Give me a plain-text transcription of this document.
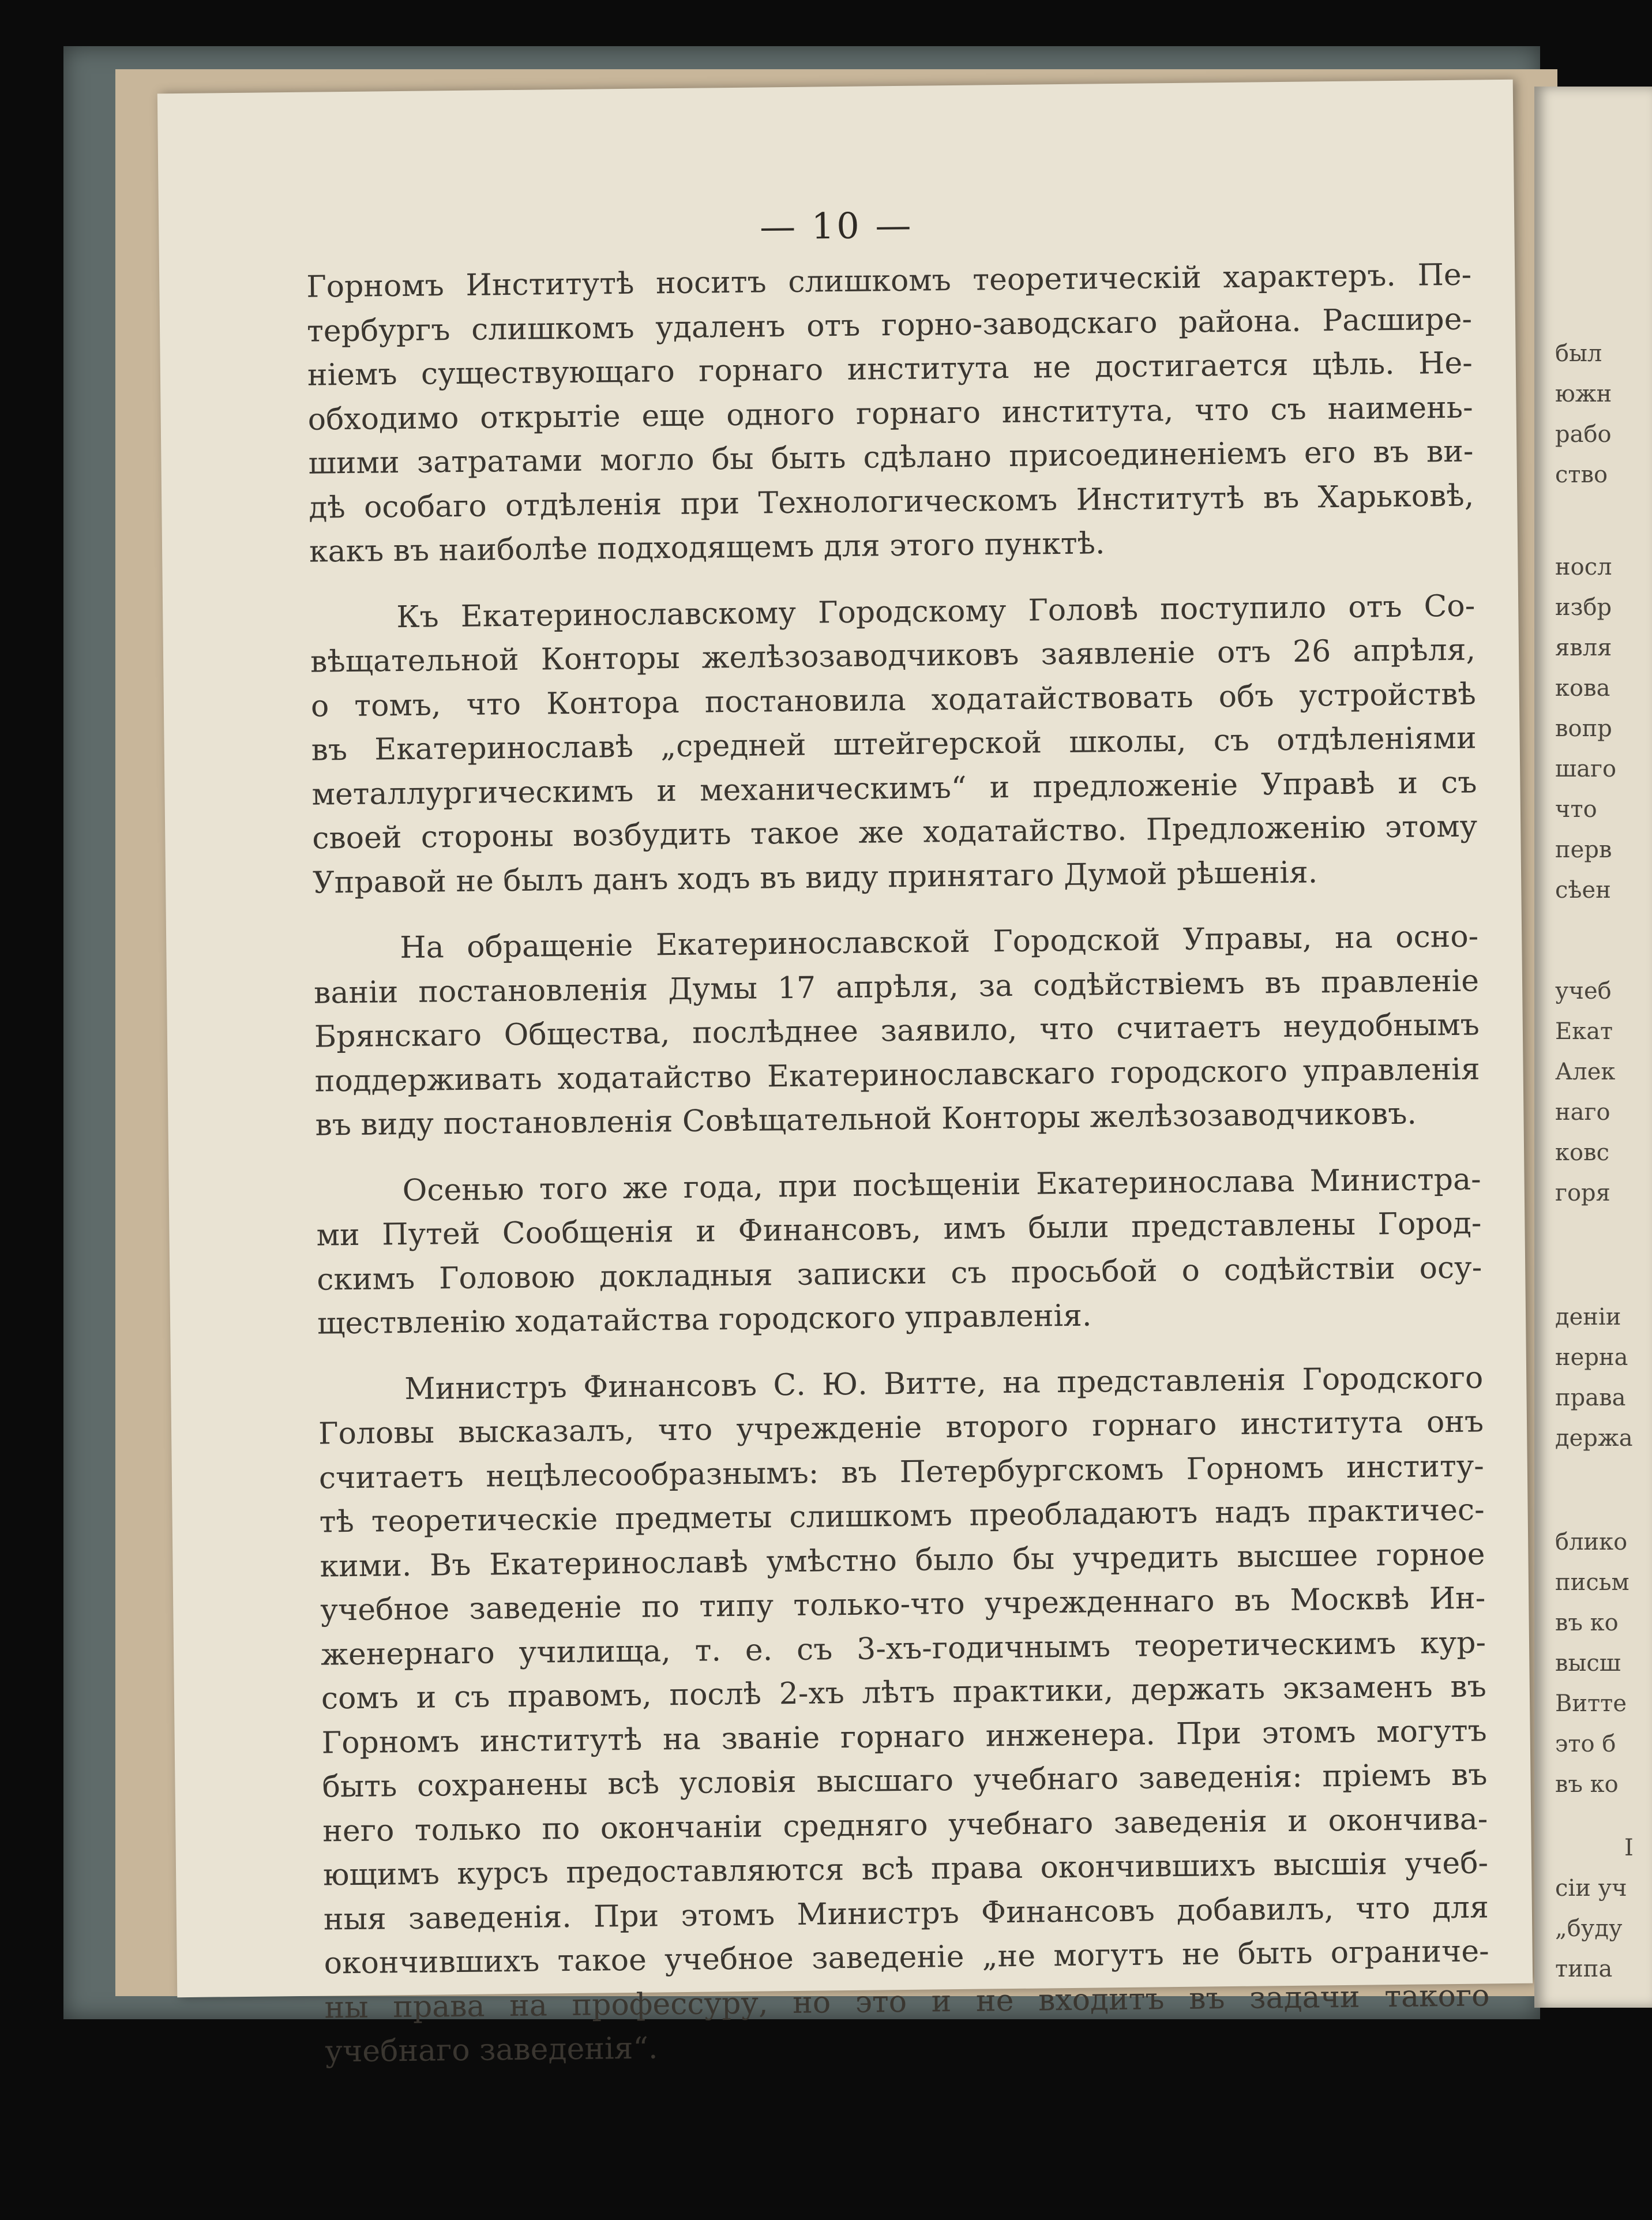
— 10 —
Горномъ Институтѣ носитъ слишкомъ теоретическій характеръ. Пе-
тербургъ слишкомъ удаленъ отъ горно-заводскаго района. Расшире-
ніемъ существующаго горнаго института не достигается цѣль. Не-
обходимо открытіе еще одного горнаго института, что съ наимень-
шими затратами могло бы быть сдѣлано присоединеніемъ его въ ви-
дѣ особаго отдѣленія при Технологическомъ Институтѣ въ Харьковѣ,
какъ въ наиболѣе подходящемъ для этого пунктѣ.
Къ Екатеринославскому Городскому Головѣ поступило отъ Со-
вѣщательной Конторы желѣзозаводчиковъ заявленіе отъ 26 апрѣля,
о томъ, что Контора постановила ходатайствовать объ устройствѣ
въ Екатеринославѣ „средней штейгерской школы, съ отдѣленіями
металлургическимъ и механическимъ“ и предложеніе Управѣ и съ
своей стороны возбудить такое же ходатайство. Предложенію этому
Управой не былъ данъ ходъ въ виду принятаго Думой рѣшенія.
На обращеніе Екатеринославской Городской Управы, на осно-
ваніи постановленія Думы 17 апрѣля, за содѣйствіемъ въ правленіе
Брянскаго Общества, послѣднее заявило, что считаетъ неудобнымъ
поддерживать ходатайство Екатеринославскаго городского управленія
въ виду постановленія Совѣщательной Конторы желѣзозаводчиковъ.
Осенью того же года, при посѣщеніи Екатеринослава Министра-
ми Путей Сообщенія и Финансовъ, имъ были представлены Город-
скимъ Головою докладныя записки съ просьбой о содѣйствіи осу-
ществленію ходатайства городского управленія.
Министръ Финансовъ С. Ю. Витте, на представленія Городского
Головы высказалъ, что учрежденіе второго горнаго института онъ
считаетъ нецѣлесообразнымъ: въ Петербургскомъ Горномъ институ-
тѣ теоретическіе предметы слишкомъ преобладаютъ надъ практичес-
кими. Въ Екатеринославѣ умѣстно было бы учредить высшее горное
учебное заведеніе по типу только-что учрежденнаго въ Москвѣ Ин-
женернаго училища, т. е. съ 3-хъ-годичнымъ теоретическимъ кур-
сомъ и съ правомъ, послѣ 2-хъ лѣтъ практики, держать экзаменъ въ
Горномъ институтѣ на званіе горнаго инженера. При этомъ могутъ
быть сохранены всѣ условія высшаго учебнаго заведенія: пріемъ въ
него только по окончаніи средняго учебнаго заведенія и окончива-
ющимъ курсъ предоставляются всѣ права окончившихъ высшія учеб-
ныя заведенія. При этомъ Министръ Финансовъ добавилъ, что для
окончившихъ такое учебное заведеніе „не могутъ не быть ограниче-
ны права на профессуру, но это и не входитъ въ задачи такого
учебнаго заведенія“.
был
южн
рабо
ство
носл
избр
явля
кова
вопр
шаго
что
перв
сѣен
учеб
Екат
Алек
наго
ковс
горя
деніи
нерна
права
держа
блико
письм
въ ко
высш
Витте
это б
въ ко
I
сіи уч
„буду
типа
